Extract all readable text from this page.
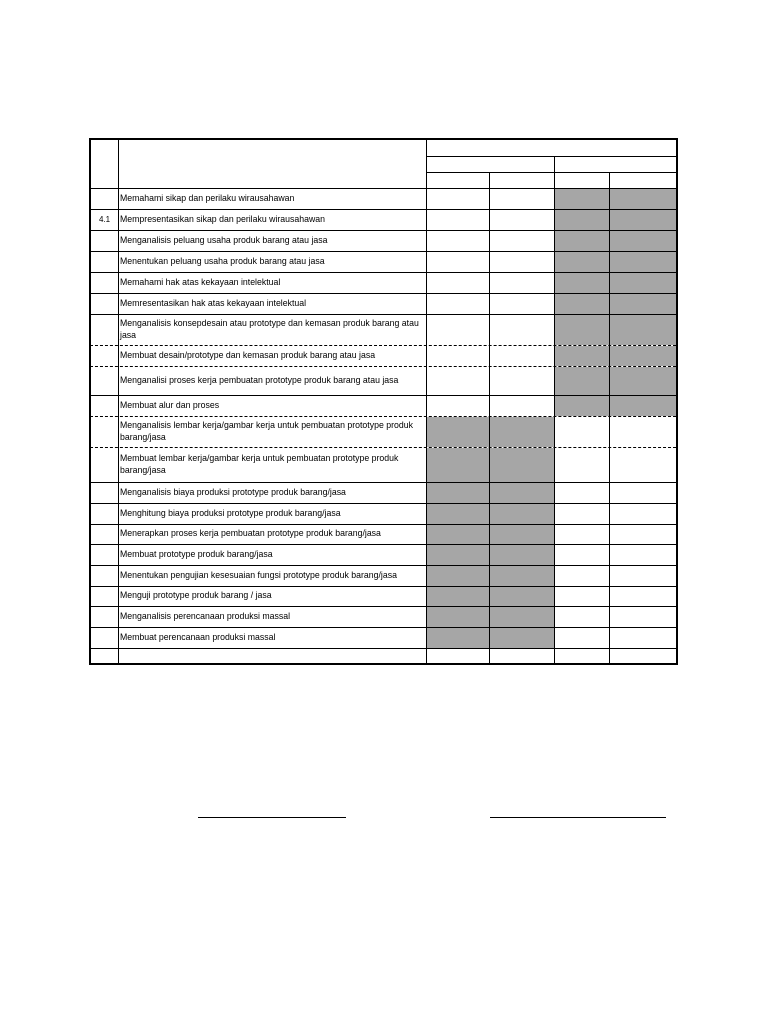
Memahami sikap dan perilaku wirausahawan
Mempresentasikan sikap dan perilaku wirausahawan
4.1
Menganalisis peluang usaha produk barang atau jasa
Menentukan peluang usaha produk barang atau jasa
Memahami hak atas kekayaan intelektual
Memresentasikan hak atas kekayaan intelektual
Menganalisis konsepdesain atau prototype dan kemasan produk barang atau jasa
Membuat desain/prototype dan kemasan produk barang atau jasa
Menganalisi proses kerja pembuatan prototype produk barang atau jasa
Membuat alur dan proses
Menganalisis lembar kerja/gambar kerja untuk pembuatan prototype produk barang/jasa
Membuat lembar kerja/gambar kerja untuk pembuatan prototype produk barang/jasa
Menganalisis biaya produksi prototype produk barang/jasa
Menghitung biaya produksi prototype produk barang/jasa
Menerapkan proses kerja pembuatan prototype produk barang/jasa
Membuat prototype produk barang/jasa
Menentukan pengujian kesesuaian fungsi prototype produk barang/jasa
Menguji prototype produk barang / jasa
Menganalisis perencanaan produksi massal
Membuat perencanaan produksi massal
